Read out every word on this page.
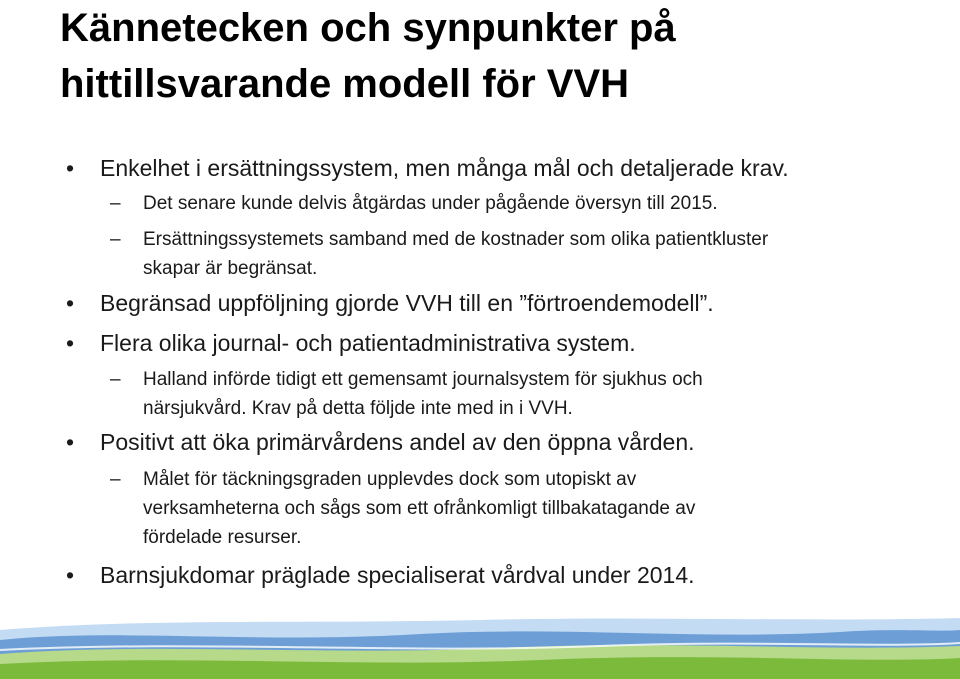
Kännetecken och synpunkter på
hittillsvarande modell för VVH

• Enkelhet i ersättningssystem, men många mål och detaljerade krav.

– Det senare kunde delvis åtgärdas under pågående översyn till 2015.

– Ersättningssystemets samband med de kostnader som olika patientkluster
skapar är begränsat.

• Begränsad uppföljning gjorde VVH till en ”förtroendemodell”.

• Flera olika journal- och patientadministrativa system.

– Halland införde tidigt ett gemensamt journalsystem för sjukhus och
närsjukvård. Krav på detta följde inte med in i VVH.

• Positivt att öka primärvårdens andel av den öppna vården.

– Målet för täckningsgraden upplevdes dock som utopiskt av
verksamheterna och sågs som ett ofrånkomligt tillbakatagande av
fördelade resurser.

• Barnsjukdomar präglade specialiserat vårdval under 2014.
